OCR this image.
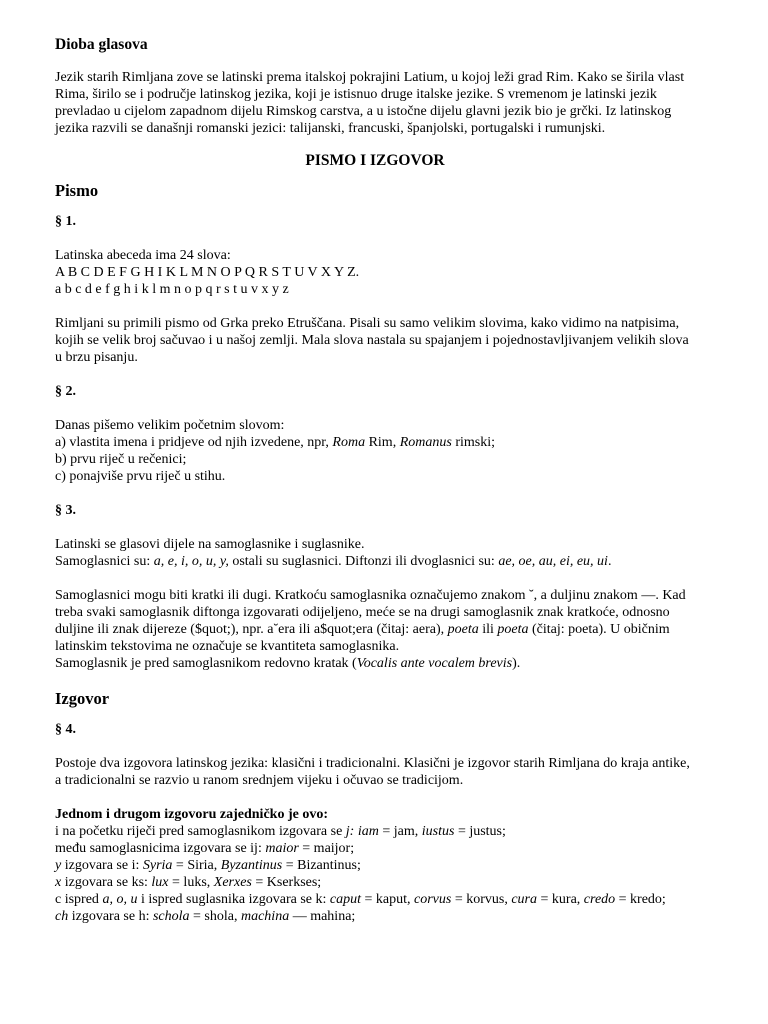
Dioba glasova

Jezik starih Rimljana zove se latinski prema italskoj pokrajini Latium, u kojoj leži grad Rim. Kako se širila vlast Rima, širilo se i područje latinskog jezika, koji je istisnuo druge italske jezike. S vremenom je latinski jezik prevladao u cijelom zapadnom dijelu Rimskog carstva, a u istočne dijelu glavni jezik bio je grčki. Iz latinskog jezika razvili se današnji romanski jezici: talijanski, francuski, španjolski, portugalski i rumunjski.

PISMO I IZGOVOR

Pismo

§ 1.

Latinska abeceda ima 24 slova:

A B C D E F G H I K L M N O P Q R S T U V X Y Z.

a b c d e f g h i k l m n o p q r s t u v x y z

Rimljani su primili pismo od Grka preko Etruščana. Pisali su samo velikim slovima, kako vidimo na natpisima, kojih se velik broj sačuvao i u našoj zemlji. Mala slova nastala su spajanjem i pojednostavljivanjem velikih slova u brzu pisanju.

§ 2.

Danas pišemo velikim početnim slovom:

a) vlastita imena i pridjeve od njih izvedene, npr, Roma Rim, Romanus rimski;

b) prvu riječ u rečenici;

c) ponajviše prvu riječ u stihu.

§ 3.

Latinski se glasovi dijele na samoglasnike i suglasnike.

Samoglasnici su: a, e, i, o, u, y, ostali su suglasnici. Diftonzi ili dvoglasnici su: ae, oe, au, ei, eu, ui.

Samoglasnici mogu biti kratki ili dugi. Kratkoću samoglasnika označujemo znakom ˘, a duljinu znakom —. Kad treba svaki samoglasnik diftonga izgovarati odijeljeno, meće se na drugi samoglasnik znak kratkoće, odnosno duljine ili znak dijereze ($quot;), npr. a˘era ili a$quot;era (čitaj: aera), poeta ili poeta (čitaj: poeta). U običnim latinskim tekstovima ne označuje se kvantiteta samoglasnika.

Samoglasnik je pred samoglasnikom redovno kratak (Vocalis ante vocalem brevis).

Izgovor

§ 4.

Postoje dva izgovora latinskog jezika: klasični i tradicionalni. Klasični je izgovor starih Rimljana do kraja antike, a tradicionalni se razvio u ranom srednjem vijeku i očuvao se tradicijom.

Jednom i drugom izgovoru zajedničko je ovo:

i na početku riječi pred samoglasnikom izgovara se j: iam = jam, iustus = justus;

među samoglasnicima izgovara se ij: maior = maijor;

y izgovara se i: Syria = Siria, Byzantinus = Bizantinus;

x izgovara se ks: lux = luks, Xerxes = Kserkses;

c ispred a, o, u i ispred suglasnika izgovara se k: caput = kaput, corvus = korvus, cura = kura, credo = kredo;

ch izgovara se h: schola = shola, machina — mahina;
